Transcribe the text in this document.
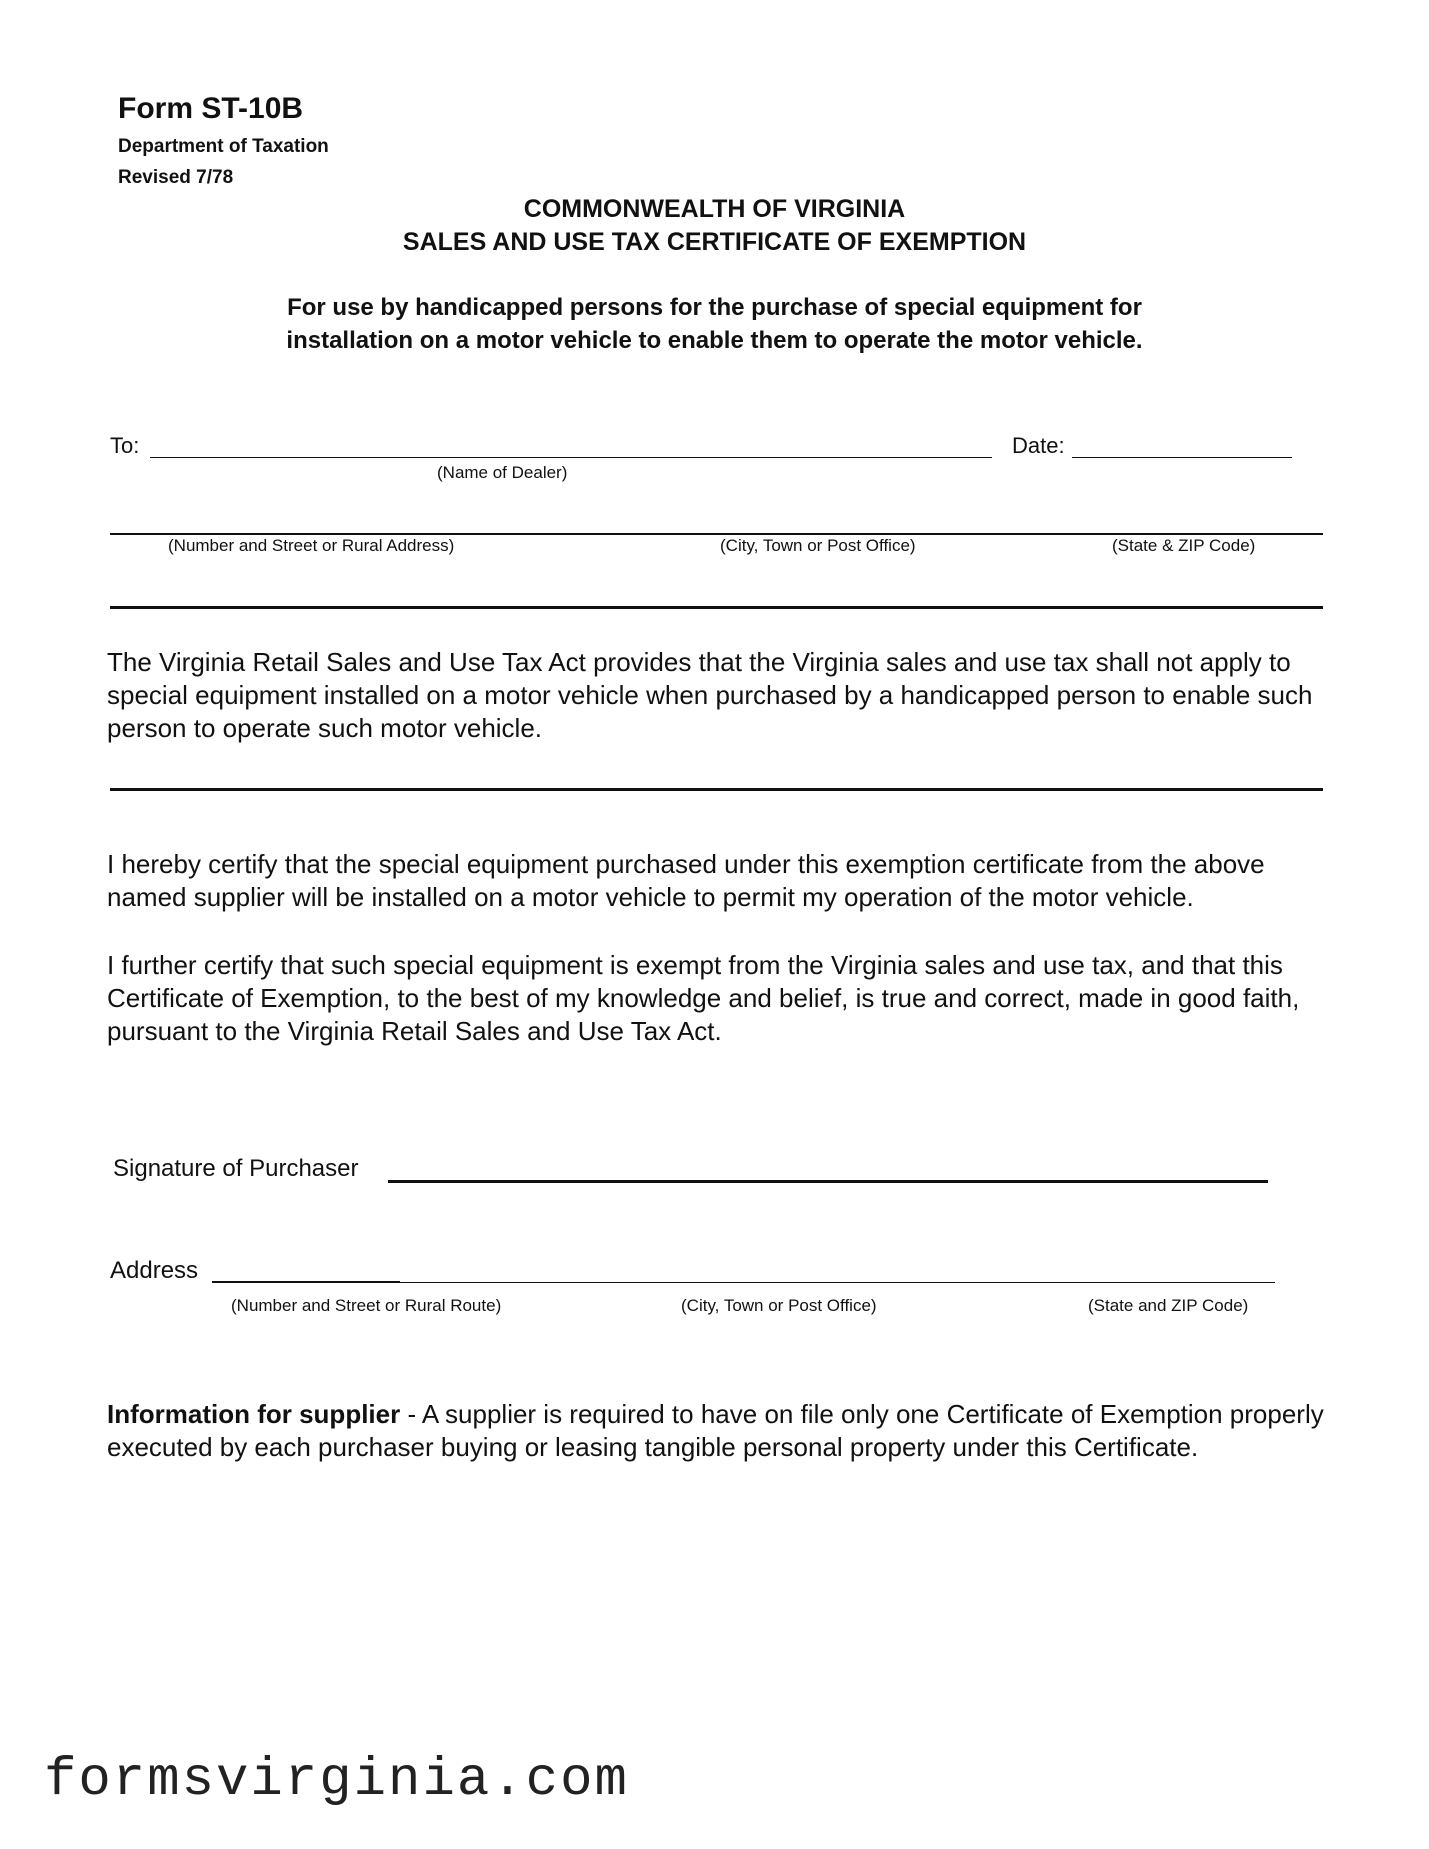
Form ST-10B
Department of Taxation
Revised 7/78
COMMONWEALTH OF VIRGINIA
SALES AND USE TAX CERTIFICATE OF EXEMPTION
For use by handicapped persons for the purchase of special equipment for
installation on a motor vehicle to enable them to operate the motor vehicle.
To:
(Name of Dealer)
Date:
(Number and Street or Rural Address)	(City, Town or Post Office)	(State & ZIP Code)

The Virginia Retail Sales and Use Tax Act provides that the Virginia sales and use tax shall not apply to special equipment installed on a motor vehicle when purchased by a handicapped person to enable such person to operate such motor vehicle.

I hereby certify that the special equipment purchased under this exemption certificate from the above named supplier will be installed on a motor vehicle to permit my operation of the motor vehicle.

I further certify that such special equipment is exempt from the Virginia sales and use tax, and that this Certificate of Exemption, to the best of my knowledge and belief, is true and correct, made in good faith, pursuant to the Virginia Retail Sales and Use Tax Act.

Signature of Purchaser
Address
(Number and Street or Rural Route)	(City, Town or Post Office)	(State and ZIP Code)

Information for supplier - A supplier is required to have on file only one Certificate of Exemption properly executed by each purchaser buying or leasing tangible personal property under this Certificate.

formsvirginia.com
